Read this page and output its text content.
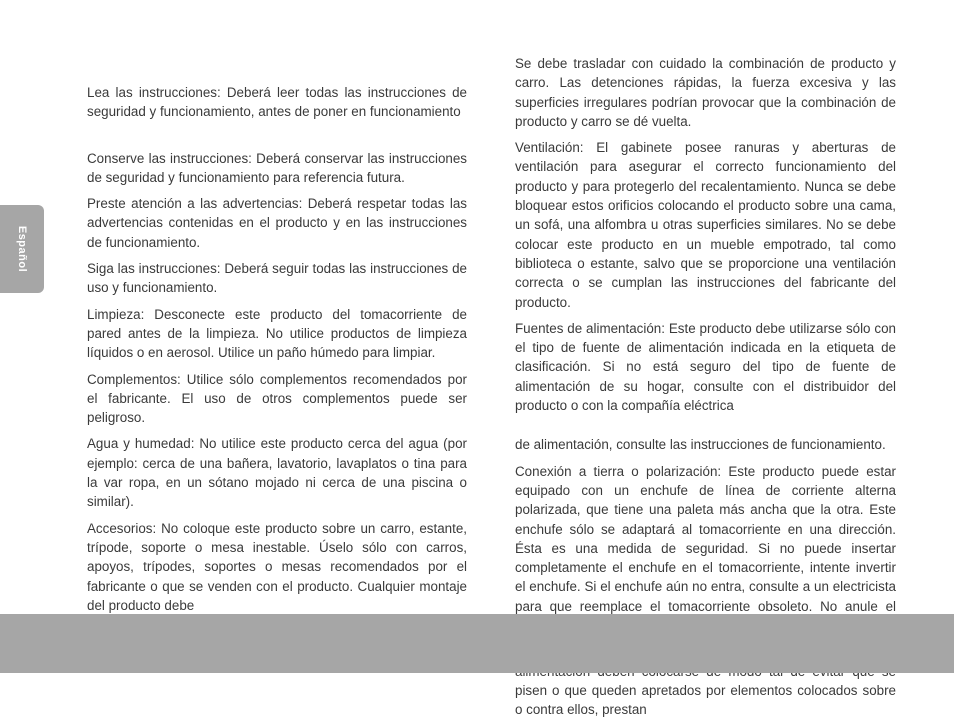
Español

Lea las instrucciones: Deberá leer todas las instrucciones de seguridad y funcionamiento, antes de poner en funcionamiento

Conserve las instrucciones: Deberá conservar las instrucciones de seguridad y funcionamiento para referencia futura.

Preste atención a las advertencias: Deberá respetar todas las advertencias contenidas en el producto y en las instrucciones de funcionamiento.

Siga las instrucciones: Deberá seguir todas las instrucciones de uso y funcionamiento.

Limpieza: Desconecte este producto del tomacorriente de pared antes de la limpieza. No utilice productos de limpieza líquidos o en aerosol. Utilice un paño húmedo para limpiar.

Complementos: Utilice sólo complementos recomendados por el fabricante. El uso de otros complementos puede ser peligroso.

Agua y humedad: No utilice este producto cerca del agua (por ejemplo: cerca de una bañera, lavatorio, lavaplatos o tina para la var ropa, en un sótano mojado ni cerca de una piscina o similar).

Accesorios: No coloque este producto sobre un carro, estante, trípode, soporte o mesa inestable. Úselo sólo con carros, apoyos, trípodes, soportes o mesas recomendados por el fabricante o que se venden con el producto. Cualquier montaje del producto debe

Se debe trasladar con cuidado la combinación de producto y carro. Las detenciones rápidas, la fuerza excesiva y las superficies irregulares podrían provocar que la combinación de producto y carro se dé vuelta.

Ventilación: El gabinete posee ranuras y aberturas de ventilación para asegurar el correcto funcionamiento del producto y para protegerlo del recalentamiento. Nunca se debe bloquear estos orificios colocando el producto sobre una cama, un sofá, una alfombra u otras superficies similares. No se debe colocar este producto en un mueble empotrado, tal como biblioteca o estante, salvo que se proporcione una ventilación correcta o se cumplan las instrucciones del fabricante del producto.

Fuentes de alimentación: Este producto debe utilizarse sólo con el tipo de fuente de alimentación indicada en la etiqueta de clasificación. Si no está seguro del tipo de fuente de alimentación de su hogar, consulte con el distribuidor del producto o con la compañía eléctrica

de alimentación, consulte las instrucciones de funcionamiento.

Conexión a tierra o polarización: Este producto puede estar equipado con un enchufe de línea de corriente alterna polarizada, que tiene una paleta más ancha que la otra. Este enchufe sólo se adaptará al tomacorriente en una dirección. Ésta es una medida de seguridad. Si no puede insertar completamente el enchufe en el tomacorriente, intente invertir el enchufe. Si el enchufe aún no entra, consulte a un electricista para que reemplace el tomacorriente obsoleto. No anule el

pisen o que queden apretados por elementos colocados sobre o contra ellos, prestan
